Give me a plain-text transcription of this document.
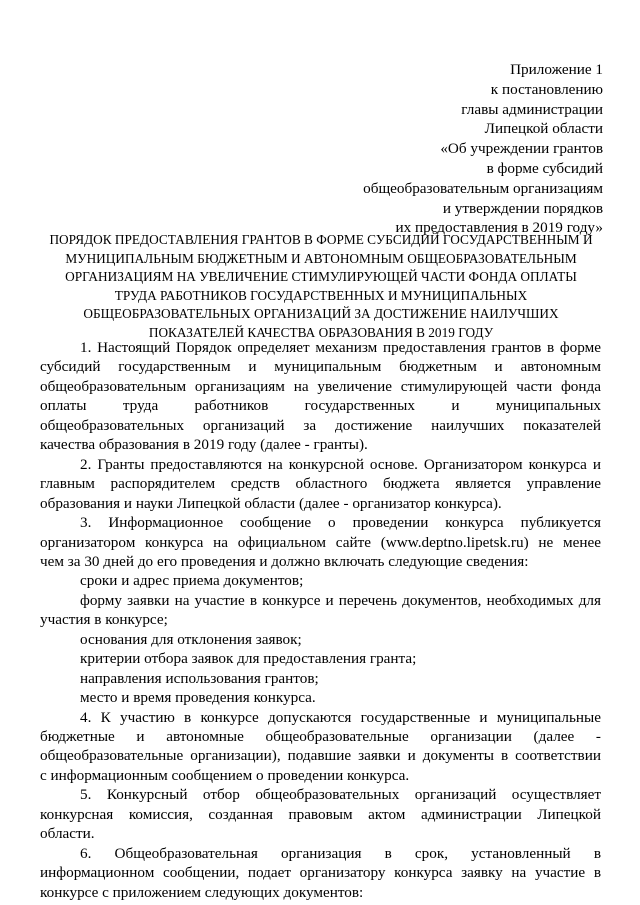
Приложение 1
к постановлению
главы администрации
Липецкой области
«Об учреждении грантов
в форме субсидий
общеобразовательным организациям
и утверждении порядков
их предоставления в 2019 году»
ПОРЯДОК ПРЕДОСТАВЛЕНИЯ ГРАНТОВ В ФОРМЕ СУБСИДИЙ ГОСУДАРСТВЕННЫМ И
МУНИЦИПАЛЬНЫМ БЮДЖЕТНЫМ И АВТОНОМНЫМ ОБЩЕОБРАЗОВАТЕЛЬНЫМ
ОРГАНИЗАЦИЯМ НА УВЕЛИЧЕНИЕ СТИМУЛИРУЮЩЕЙ ЧАСТИ ФОНДА ОПЛАТЫ
ТРУДА РАБОТНИКОВ ГОСУДАРСТВЕННЫХ И МУНИЦИПАЛЬНЫХ
ОБЩЕОБРАЗОВАТЕЛЬНЫХ ОРГАНИЗАЦИЙ ЗА ДОСТИЖЕНИЕ НАИЛУЧШИХ
ПОКАЗАТЕЛЕЙ КАЧЕСТВА ОБРАЗОВАНИЯ В 2019 ГОДУ
1. Настоящий Порядок определяет механизм предоставления грантов в форме
субсидий государственным и муниципальным бюджетным и автономным
общеобразовательным организациям на увеличение стимулирующей части фонда
оплаты труда работников государственных и муниципальных
общеобразовательных организаций за достижение наилучших показателей
качества образования в 2019 году (далее - гранты).
2. Гранты предоставляются на конкурсной основе. Организатором конкурса и
главным распорядителем средств областного бюджета является управление
образования и науки Липецкой области (далее - организатор конкурса).
3. Информационное сообщение о проведении конкурса публикуется
организатором конкурса на официальном сайте (www.deptno.lipetsk.ru) не менее
чем за 30 дней до его проведения и должно включать следующие сведения:
сроки и адрес приема документов;
форму заявки на участие в конкурсе и перечень документов, необходимых для
участия в конкурсе;
основания для отклонения заявок;
критерии отбора заявок для предоставления гранта;
направления использования грантов;
место и время проведения конкурса.
4. К участию в конкурсе допускаются государственные и муниципальные
бюджетные и автономные общеобразовательные организации (далее -
общеобразовательные организации), подавшие заявки и документы в соответствии
с информационным сообщением о проведении конкурса.
5. Конкурсный отбор общеобразовательных организаций осуществляет
конкурсная комиссия, созданная правовым актом администрации Липецкой
области.
6. Общеобразовательная организация в срок, установленный в
информационном сообщении, подает организатору конкурса заявку на участие в
конкурсе с приложением следующих документов:
